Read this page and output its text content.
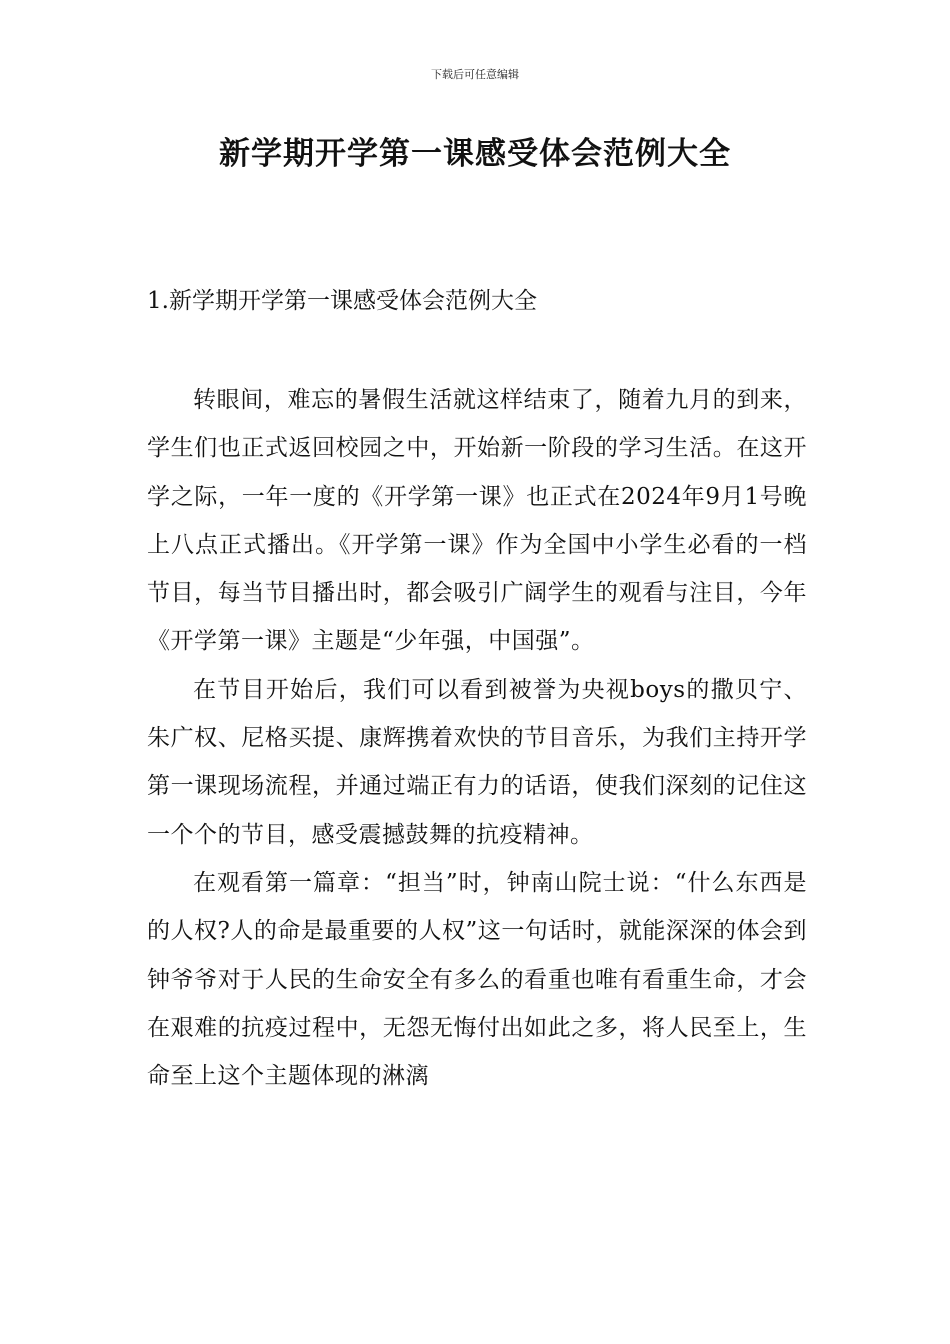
下载后可任意编辑
新学期开学第一课感受体会范例大全
1.新学期开学第一课感受体会范例大全

转眼间，难忘的暑假生活就这样结束了，随着九月的到来，学生们也正式返回校园之中，开始新一阶段的学习生活。在这开学之际，一年一度的《开学第一课》也正式在2024年9月1号晚上八点正式播出。《开学第一课》作为全国中小学生必看的一档节目，每当节目播出时，都会吸引广阔学生的观看与注目，今年《开学第一课》主题是“少年强，中国强”。

在节目开始后，我们可以看到被誉为央视boys的撒贝宁、朱广权、尼格买提、康辉携着欢快的节目音乐，为我们主持开学第一课现场流程，并通过端正有力的话语，使我们深刻的记住这一个个的节目，感受震撼鼓舞的抗疫精神。

在观看第一篇章：“担当”时，钟南山院士说：“什么东西是的人权?人的命是最重要的人权”这一句话时，就能深深的体会到钟爷爷对于人民的生命安全有多么的看重也唯有看重生命，才会在艰难的抗疫过程中，无怨无悔付出如此之多，将人民至上，生命至上这个主题体现的淋漓
